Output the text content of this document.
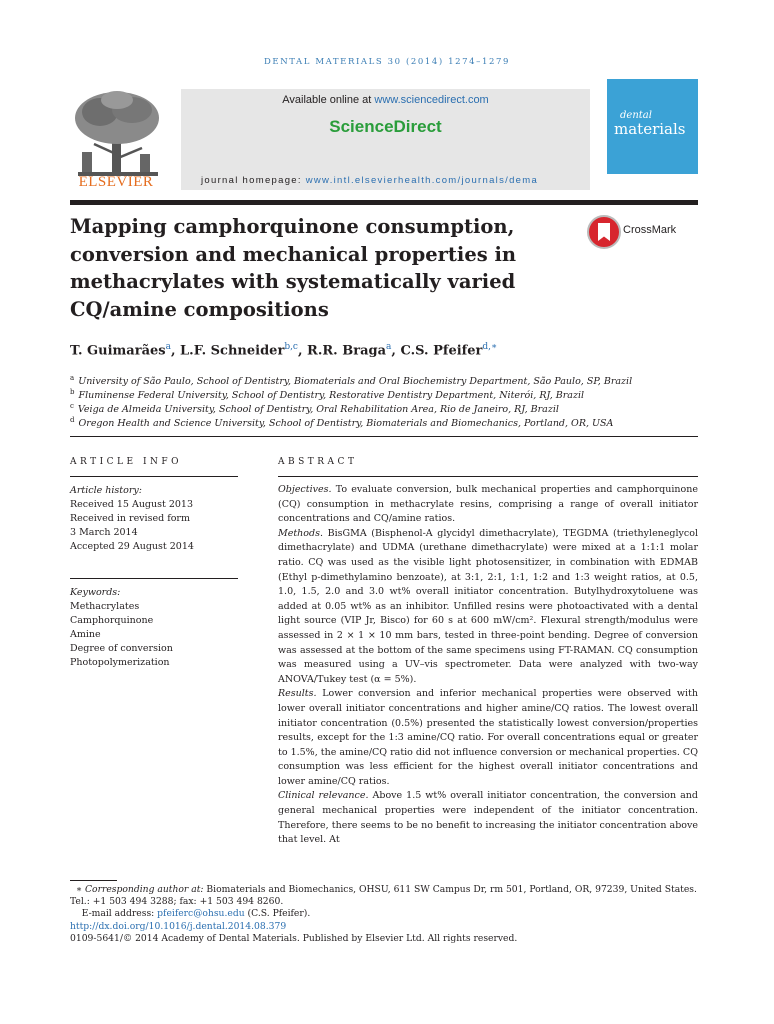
DENTAL MATERIALS 30 (2014) 1274–1279
ELSEVIER
Available online at www.sciencedirect.com
ScienceDirect
journal homepage: www.intl.elsevierhealth.com/journals/dema
dental
materials
Mapping camphorquinone consumption, conversion and mechanical properties in methacrylates with systematically varied CQ/amine compositions
CrossMark
T. Guimarães$^a$, L.F. Schneider$^{b,c}$, R.R. Braga$^a$, C.S. Pfeifer$^{d,∗}$
$^a$ University of São Paulo, School of Dentistry, Biomaterials and Oral Biochemistry Department, São Paulo, SP, Brazil
$^b$ Fluminense Federal University, School of Dentistry, Restorative Dentistry Department, Niterói, RJ, Brazil
$^c$ Veiga de Almeida University, School of Dentistry, Oral Rehabilitation Area, Rio de Janeiro, RJ, Brazil
$^d$ Oregon Health and Science University, School of Dentistry, Biomaterials and Biomechanics, Portland, OR, USA
ARTICLE INFO	ABSTRACT
Article history:
Received 15 August 2013
Received in revised form
3 March 2014
Accepted 29 August 2014
Keywords:
Methacrylates
Camphorquinone
Amine
Degree of conversion
Photopolymerization

Objectives. To evaluate conversion, bulk mechanical properties and camphorquinone (CQ) consumption in methacrylate resins, comprising a range of overall initiator concentrations and CQ/amine ratios.

Methods. BisGMA (Bisphenol-A glycidyl dimethacrylate), TEGDMA (triethyleneglycol dimethacrylate) and UDMA (urethane dimethacrylate) were mixed at a 1:1:1 molar ratio. CQ was used as the visible light photosensitizer, in combination with EDMAB (Ethyl p-dimethylamino benzoate), at 3:1, 2:1, 1:1, 1:2 and 1:3 weight ratios, at 0.5, 1.0, 1.5, 2.0 and 3.0 wt% overall initiator concentration. Butylhydroxytoluene was added at 0.05 wt% as an inhibitor. Unfilled resins were photoactivated with a dental light source (VIP Jr, Bisco) for 60 s at 600 mW/cm². Flexural strength/modulus were assessed in 2 × 1 × 10 mm bars, tested in three-point bending. Degree of conversion was assessed at the bottom of the same specimens using FT-RAMAN. CQ consumption was measured using a UV–vis spectrometer. Data were analyzed with two-way ANOVA/Tukey test (α = 5%).

Results. Lower conversion and inferior mechanical properties were observed with lower overall initiator concentrations and higher amine/CQ ratios. The lowest overall initiator concentration (0.5%) presented the statistically lowest conversion/properties results, except for the 1:3 amine/CQ ratio. For overall concentrations equal or greater to 1.5%, the amine/CQ ratio did not influence conversion or mechanical properties. CQ consumption was less efficient for the highest overall initiator concentrations and lower amine/CQ ratios.

Clinical relevance. Above 1.5 wt% overall initiator concentration, the conversion and general mechanical properties were independent of the initiator concentration. Therefore, there seems to be no benefit to increasing the initiator concentration above that level. At

∗ Corresponding author at: Biomaterials and Biomechanics, OHSU, 611 SW Campus Dr, rm 501, Portland, OR, 97239, United States.
Tel.: +1 503 494 3288; fax: +1 503 494 8260.
E-mail address: pfeiferc@ohsu.edu (C.S. Pfeifer).
http://dx.doi.org/10.1016/j.dental.2014.08.379
0109-5641/© 2014 Academy of Dental Materials. Published by Elsevier Ltd. All rights reserved.
